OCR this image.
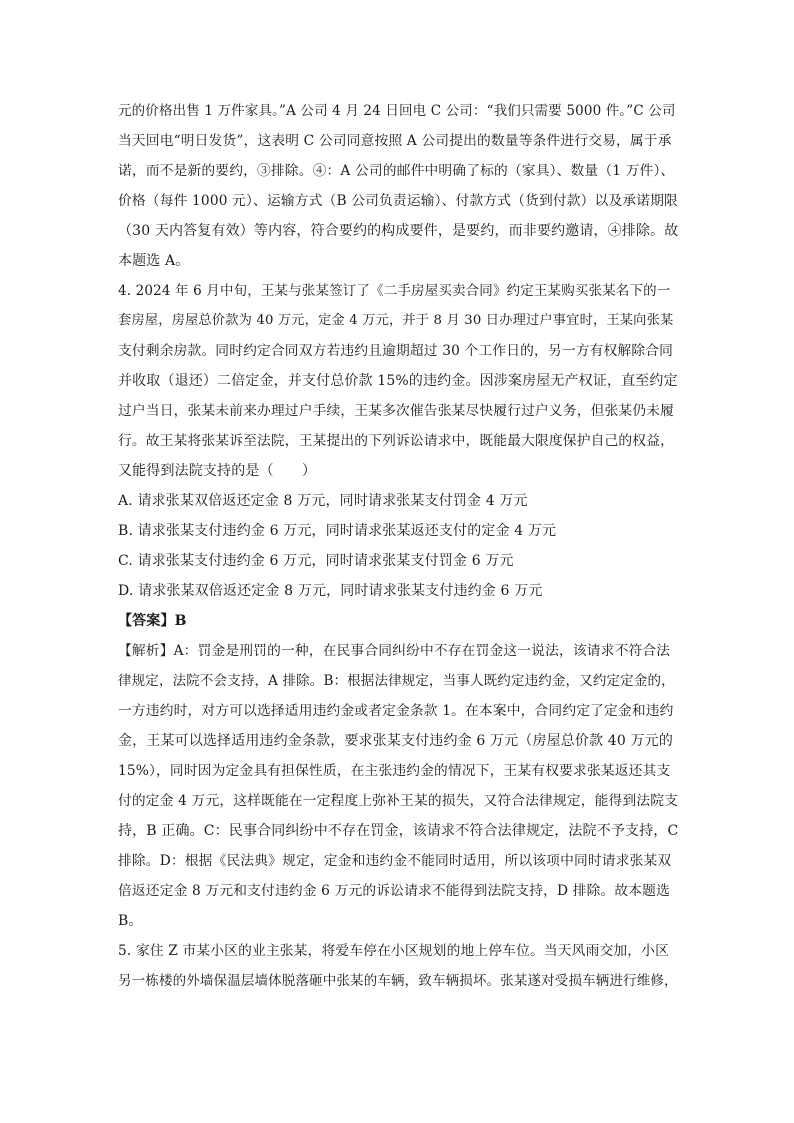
元的价格出售 1 万件家具。”A 公司 4 月 24 日回电 C 公司：“我们只需要 5000 件。”C 公司
当天回电“明日发货”，这表明 C 公司同意按照 A 公司提出的数量等条件进行交易，属于承
诺，而不是新的要约，③排除。④：A 公司的邮件中明确了标的（家具）、数量（1 万件）、
价格（每件 1000 元）、运输方式（B 公司负责运输）、付款方式（货到付款）以及承诺期限
（30 天内答复有效）等内容，符合要约的构成要件，是要约，而非要约邀请，④排除。故
本题选 A。
4. 2024 年 6 月中旬，王某与张某签订了《二手房屋买卖合同》约定王某购买张某名下的一
套房屋，房屋总价款为 40 万元，定金 4 万元，并于 8 月 30 日办理过户事宜时，王某向张某
支付剩余房款。同时约定合同双方若违约且逾期超过 30 个工作日的，另一方有权解除合同
并收取（退还）二倍定金，并支付总价款 15%的违约金。因涉案房屋无产权证，直至约定
过户当日，张某未前来办理过户手续，王某多次催告张某尽快履行过户义务，但张某仍未履
行。故王某将张某诉至法院，王某提出的下列诉讼请求中，既能最大限度保护自己的权益，
又能得到法院支持的是（　　）
A. 请求张某双倍返还定金 8 万元，同时请求张某支付罚金 4 万元
B. 请求张某支付违约金 6 万元，同时请求张某返还支付的定金 4 万元
C. 请求张某支付违约金 6 万元，同时请求张某支付罚金 6 万元
D. 请求张某双倍返还定金 8 万元，同时请求张某支付违约金 6 万元
【答案】B
【解析】A：罚金是刑罚的一种，在民事合同纠纷中不存在罚金这一说法，该请求不符合法
律规定，法院不会支持，A 排除。B：根据法律规定，当事人既约定违约金，又约定定金的，
一方违约时，对方可以选择适用违约金或者定金条款 1。在本案中，合同约定了定金和违约
金，王某可以选择适用违约金条款，要求张某支付违约金 6 万元（房屋总价款 40 万元的
15%），同时因为定金具有担保性质，在主张违约金的情况下，王某有权要求张某返还其支
付的定金 4 万元，这样既能在一定程度上弥补王某的损失，又符合法律规定，能得到法院支
持，B 正确。C：民事合同纠纷中不存在罚金，该请求不符合法律规定，法院不予支持，C
排除。D：根据《民法典》规定，定金和违约金不能同时适用，所以该项中同时请求张某双
倍返还定金 8 万元和支付违约金 6 万元的诉讼请求不能得到法院支持，D 排除。故本题选
B。
5. 家住 Z 市某小区的业主张某，将爱车停在小区规划的地上停车位。当天风雨交加，小区
另一栋楼的外墙保温层墙体脱落砸中张某的车辆，致车辆损坏。张某遂对受损车辆进行维修，
